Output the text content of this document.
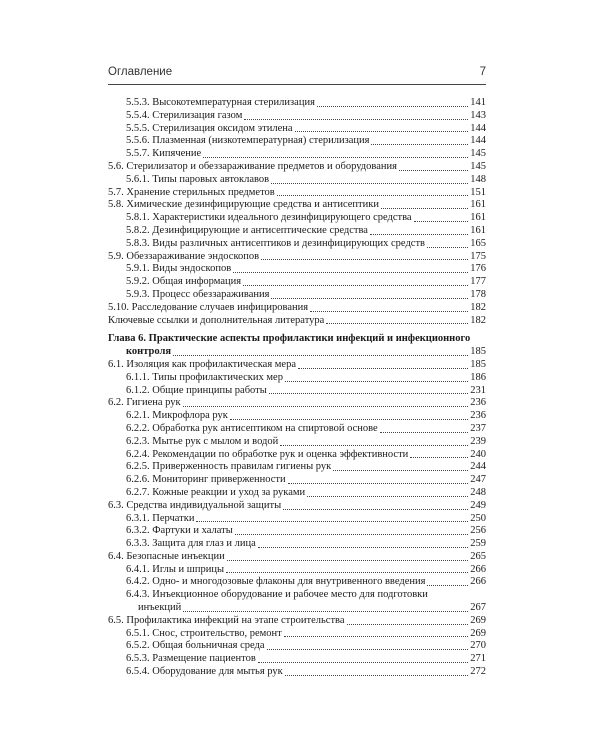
Оглавление	7
5.5.3. Высокотемпературная стерилизация	141
5.5.4. Стерилизация газом	143
5.5.5. Стерилизация оксидом этилена	144
5.5.6. Плазменная (низкотемпературная) стерилизация	144
5.5.7. Кипячение	145
5.6. Стерилизатор и обеззараживание предметов и оборудования	145
5.6.1. Типы паровых автоклавов	148
5.7. Хранение стерильных предметов	151
5.8. Химические дезинфицирующие средства и антисептики	161
5.8.1. Характеристики идеального дезинфицирующего средства	161
5.8.2. Дезинфицирующие и антисептические средства	161
5.8.3. Виды различных антисептиков и дезинфицирующих средств	165
5.9. Обеззараживание эндоскопов	175
5.9.1. Виды эндоскопов	176
5.9.2. Общая информация	177
5.9.3. Процесс обеззараживания	178
5.10. Расследование случаев инфицирования	182
Ключевые ссылки и дополнительная литература	182
Глава 6. Практические аспекты профилактики инфекций и инфекционного
контроля	185
6.1. Изоляция как профилактическая мера	185
6.1.1. Типы профилактических мер	186
6.1.2. Общие принципы работы	231
6.2. Гигиена рук	236
6.2.1. Микрофлора рук	236
6.2.2. Обработка рук антисептиком на спиртовой основе	237
6.2.3. Мытье рук с мылом и водой	239
6.2.4. Рекомендации по обработке рук и оценка эффективности	240
6.2.5. Приверженность правилам гигиены рук	244
6.2.6. Мониторинг приверженности	247
6.2.7. Кожные реакции и уход за руками	248
6.3. Средства индивидуальной защиты	249
6.3.1. Перчатки	250
6.3.2. Фартуки и халаты	256
6.3.3. Защита для глаз и лица	259
6.4. Безопасные инъекции	265
6.4.1. Иглы и шприцы	266
6.4.2. Одно- и многодозовые флаконы для внутривенного введения	266
6.4.3. Инъекционное оборудование и рабочее место для подготовки
инъекций	267
6.5. Профилактика инфекций на этапе строительства	269
6.5.1. Снос, строительство, ремонт	269
6.5.2. Общая больничная среда	270
6.5.3. Размещение пациентов	271
6.5.4. Оборудование для мытья рук	272
